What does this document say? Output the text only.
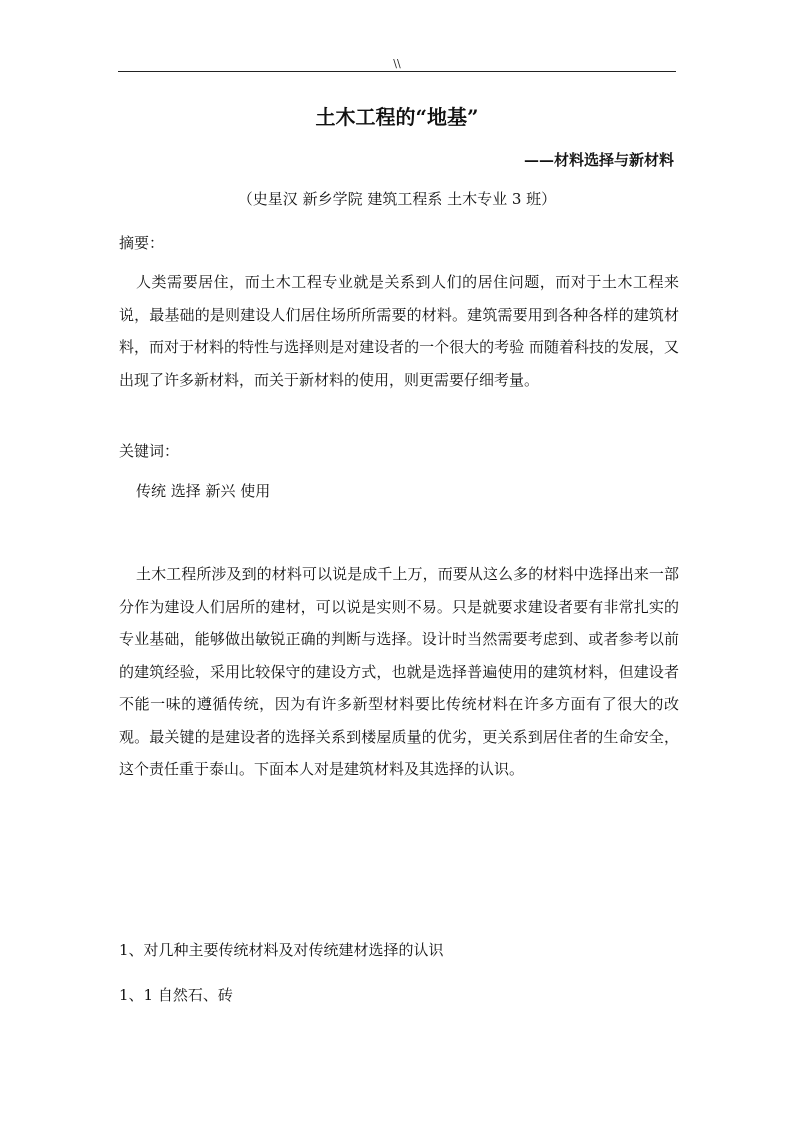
\\
土木工程的“地基”
——材料选择与新材料
（史星汉 新乡学院 建筑工程系 土木专业 3 班）
摘要：

人类需要居住，而土木工程专业就是关系到人们的居住问题，而对于土木工程来说，最基础的是则建设人们居住场所所需要的材料。建筑需要用到各种各样的建筑材料，而对于材料的特性与选择则是对建设者的一个很大的考验 而随着科技的发展，又出现了许多新材料，而关于新材料的使用，则更需要仔细考量。

关键词：
传统 选择 新兴 使用

土木工程所涉及到的材料可以说是成千上万，而要从这么多的材料中选择出来一部分作为建设人们居所的建材，可以说是实则不易。只是就要求建设者要有非常扎实的专业基础，能够做出敏锐正确的判断与选择。设计时当然需要考虑到、或者参考以前的建筑经验，采用比较保守的建设方式，也就是选择普遍使用的建筑材料，但建设者不能一味的遵循传统，因为有许多新型材料要比传统材料在许多方面有了很大的改观。最关键的是建设者的选择关系到楼屋质量的优劣，更关系到居住者的生命安全，这个责任重于泰山。下面本人对是建筑材料及其选择的认识。

1、对几种主要传统材料及对传统建材选择的认识
1、1 自然石、砖
